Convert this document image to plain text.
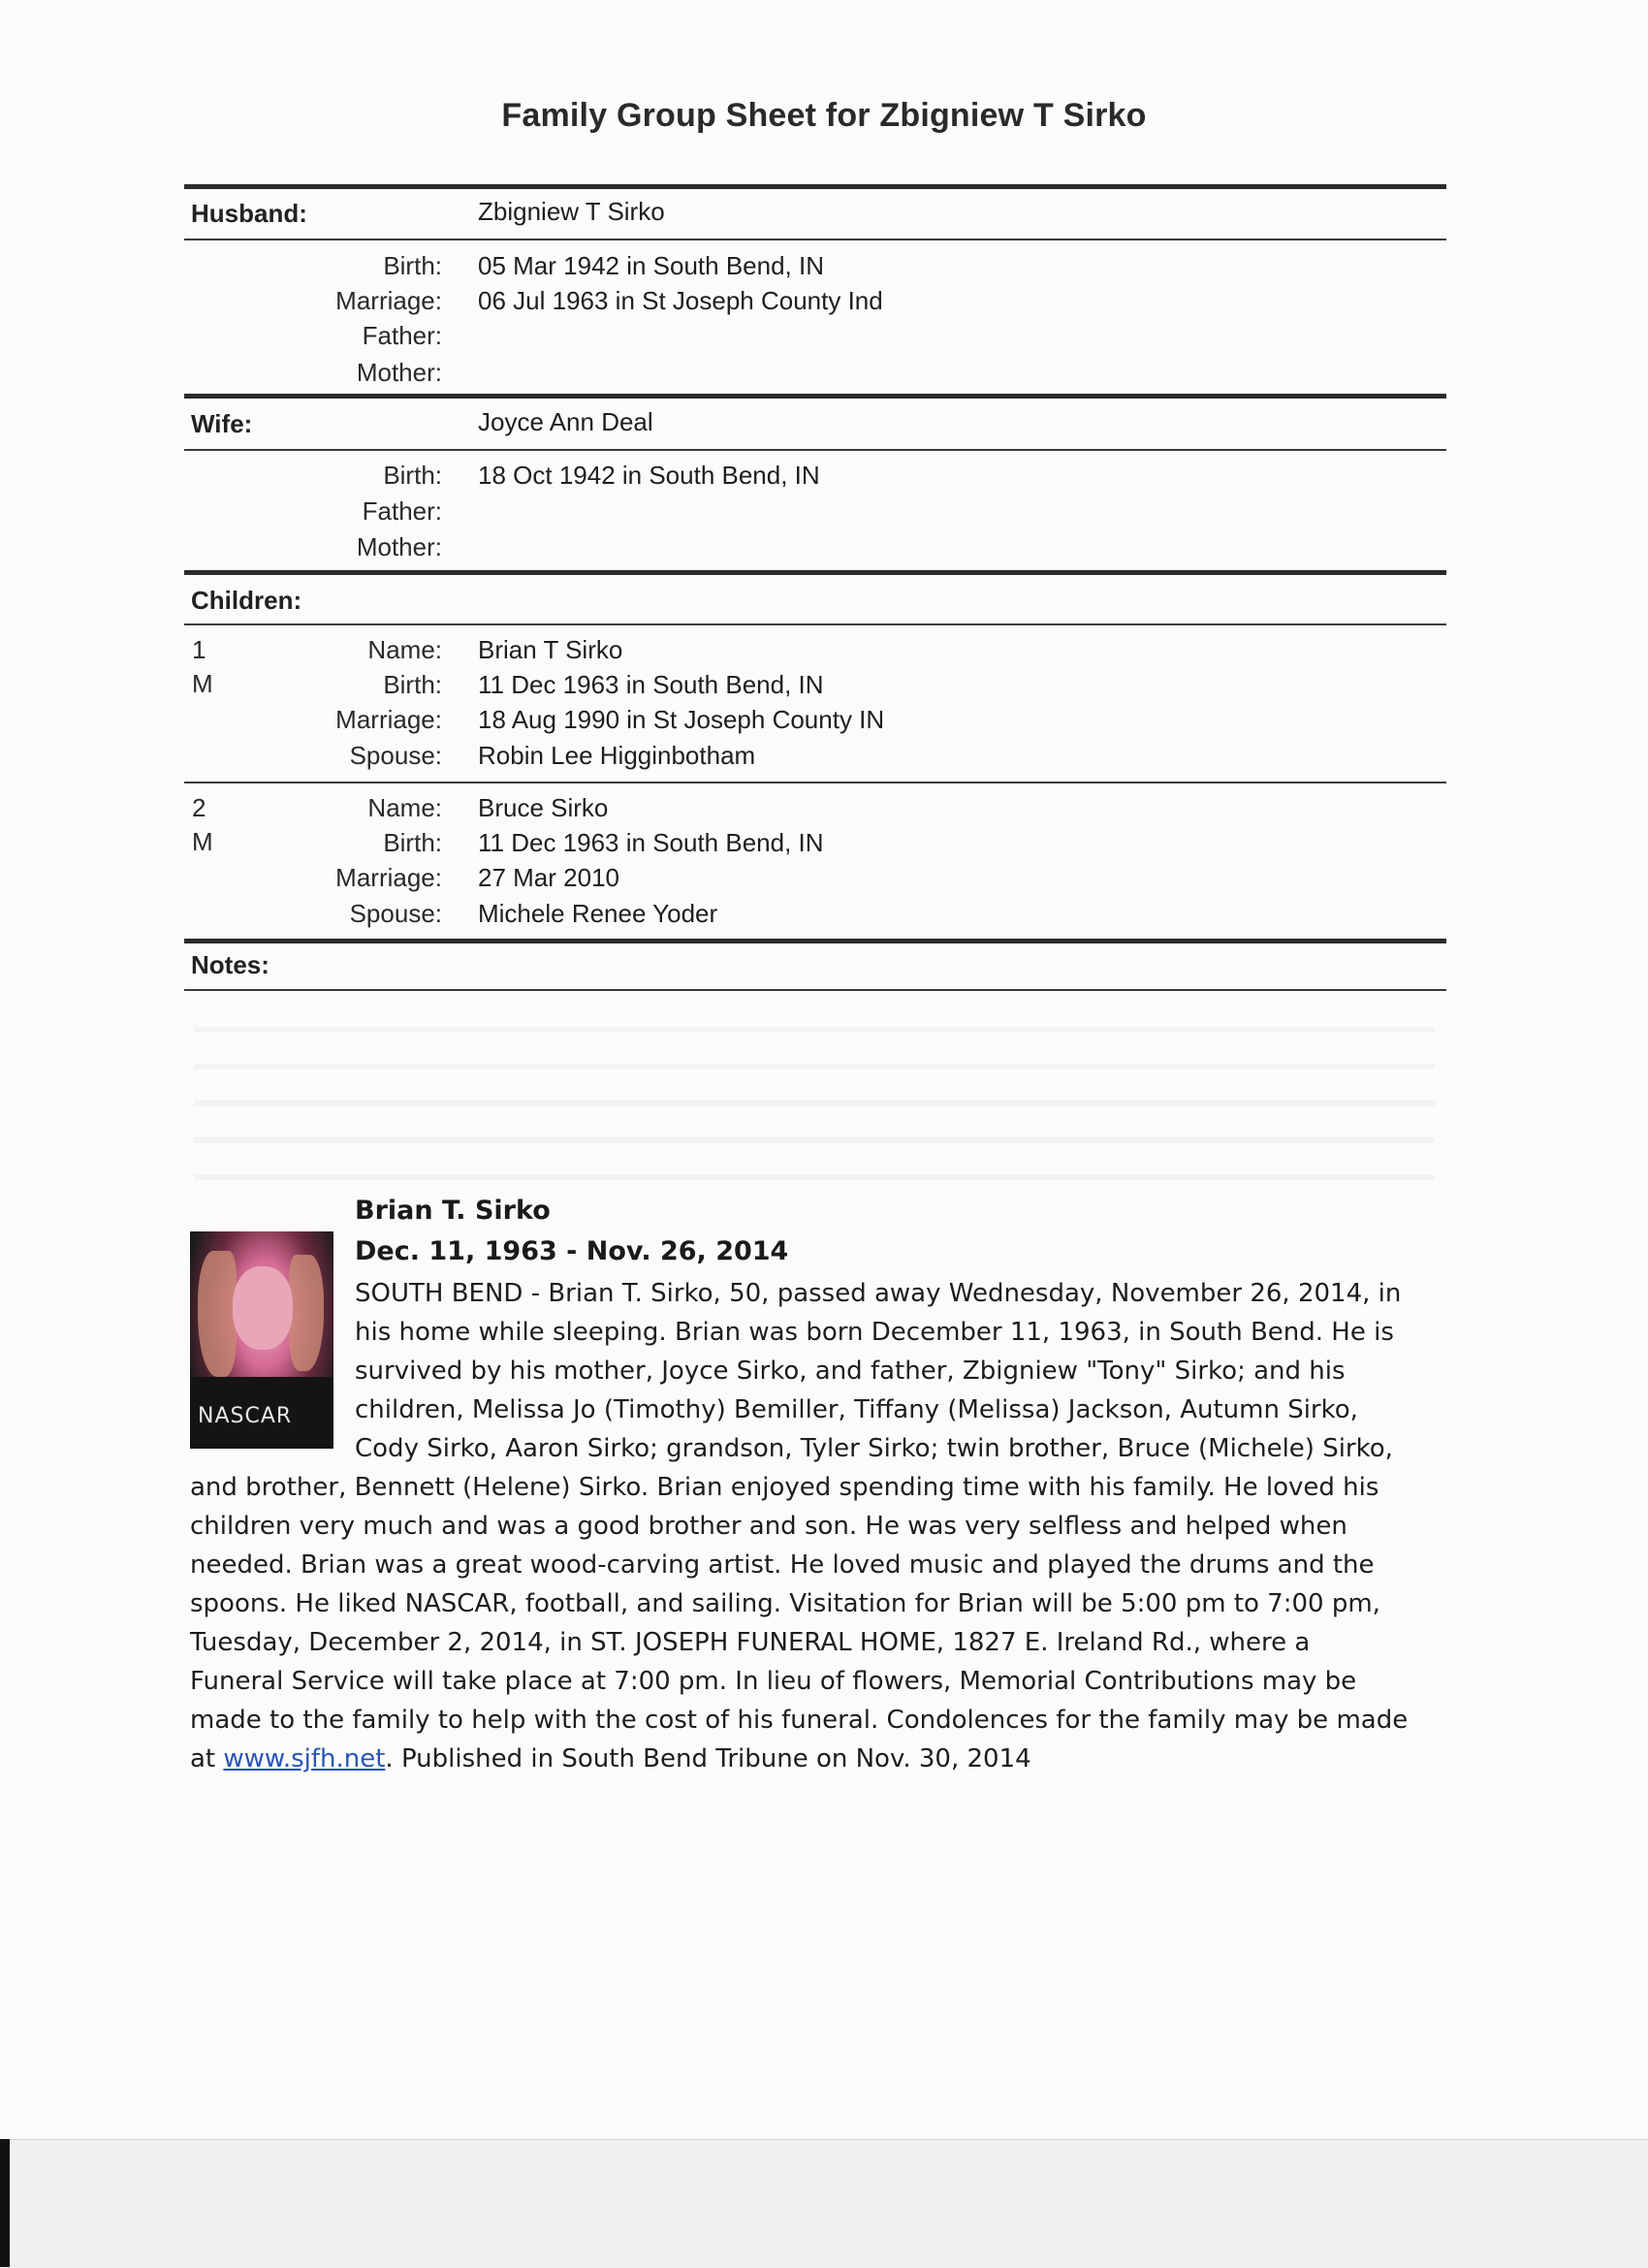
Family Group Sheet for Zbigniew T Sirko
Husband:	Zbigniew T Sirko
Birth: 05 Mar 1942 in South Bend, IN
Marriage: 06 Jul 1963 in St Joseph County Ind
Father:
Mother:
Wife:	Joyce Ann Deal
Birth: 18 Oct 1942 in South Bend, IN
Father:
Mother:
Children:
1
M
Name: Brian T Sirko
Birth: 11 Dec 1963 in South Bend, IN
Marriage: 18 Aug 1990 in St Joseph County IN
Spouse: Robin Lee Higginbotham
2
M
Name: Bruce Sirko
Birth: 11 Dec 1963 in South Bend, IN
Marriage: 27 Mar 2010
Spouse: Michele Renee Yoder
Notes:
Brian T. Sirko
Dec. 11, 1963 - Nov. 26, 2014
NASCAR
SOUTH BEND - Brian T. Sirko, 50, passed away Wednesday, November 26, 2014, in
his home while sleeping. Brian was born December 11, 1963, in South Bend. He is
survived by his mother, Joyce Sirko, and father, Zbigniew "Tony" Sirko; and his
children, Melissa Jo (Timothy) Bemiller, Tiffany (Melissa) Jackson, Autumn Sirko,
Cody Sirko, Aaron Sirko; grandson, Tyler Sirko; twin brother, Bruce (Michele) Sirko,
and brother, Bennett (Helene) Sirko. Brian enjoyed spending time with his family. He loved his
children very much and was a good brother and son. He was very selfless and helped when
needed. Brian was a great wood-carving artist. He loved music and played the drums and the
spoons. He liked NASCAR, football, and sailing. Visitation for Brian will be 5:00 pm to 7:00 pm,
Tuesday, December 2, 2014, in ST. JOSEPH FUNERAL HOME, 1827 E. Ireland Rd., where a
Funeral Service will take place at 7:00 pm. In lieu of flowers, Memorial Contributions may be
made to the family to help with the cost of his funeral. Condolences for the family may be made
at www.sjfh.net. Published in South Bend Tribune on Nov. 30, 2014
